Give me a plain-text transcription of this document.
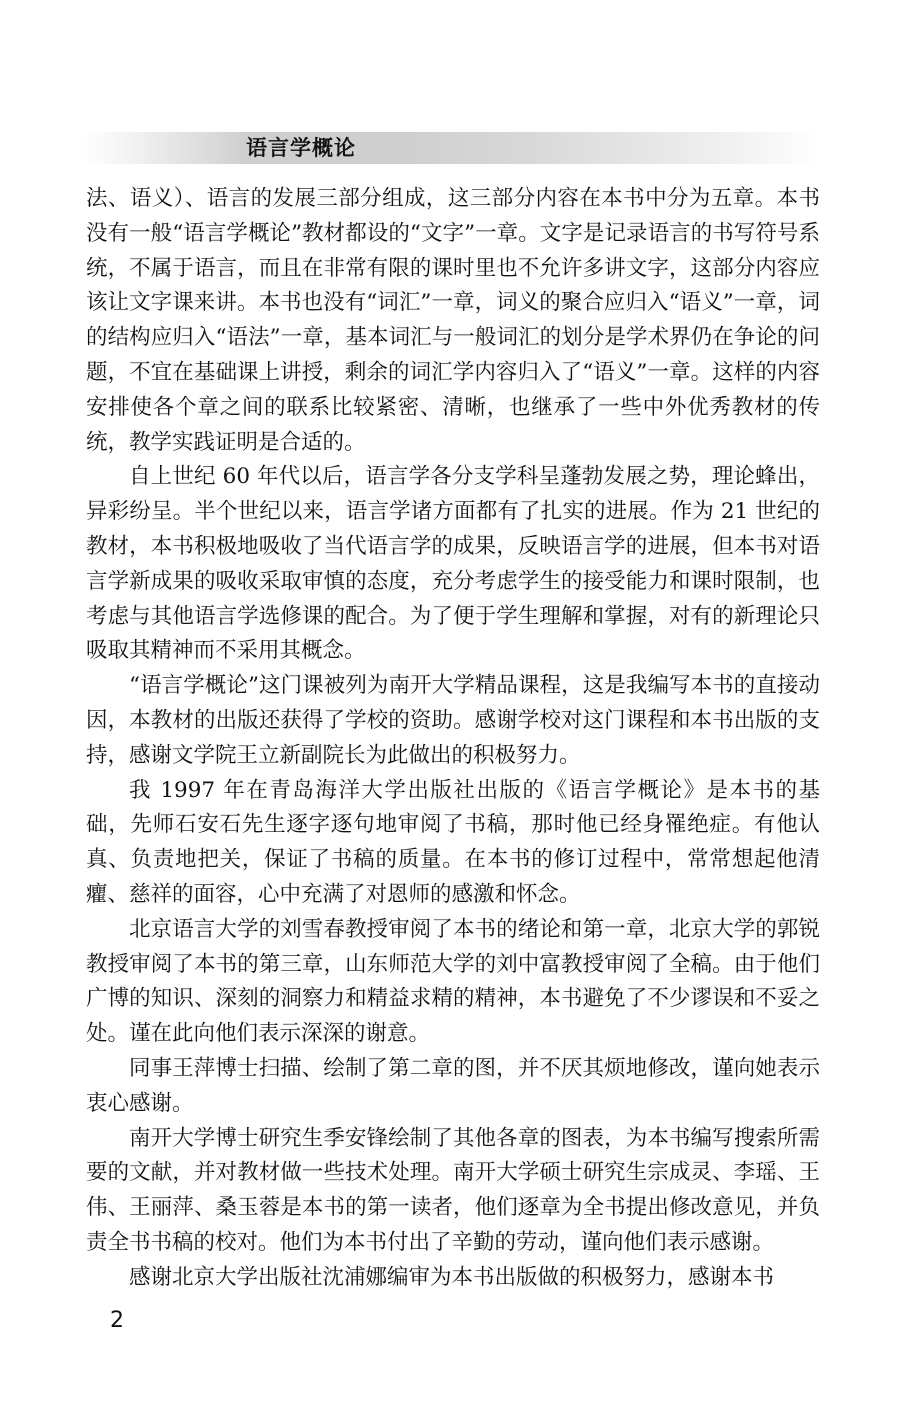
语言学概论

法、语义）、语言的发展三部分组成，这三部分内容在本书中分为五章。本书没有一般“语言学概论”教材都设的“文字”一章。文字是记录语言的书写符号系统，不属于语言，而且在非常有限的课时里也不允许多讲文字，这部分内容应该让文字课来讲。本书也没有“词汇”一章，词义的聚合应归入“语义”一章，词的结构应归入“语法”一章，基本词汇与一般词汇的划分是学术界仍在争论的问题，不宜在基础课上讲授，剩余的词汇学内容归入了“语义”一章。这样的内容安排使各个章之间的联系比较紧密、清晰，也继承了一些中外优秀教材的传统，教学实践证明是合适的。

自上世纪 60 年代以后，语言学各分支学科呈蓬勃发展之势，理论蜂出，异彩纷呈。半个世纪以来，语言学诸方面都有了扎实的进展。作为 21 世纪的教材，本书积极地吸收了当代语言学的成果，反映语言学的进展，但本书对语言学新成果的吸收采取审慎的态度，充分考虑学生的接受能力和课时限制，也考虑与其他语言学选修课的配合。为了便于学生理解和掌握，对有的新理论只吸取其精神而不采用其概念。

“语言学概论”这门课被列为南开大学精品课程，这是我编写本书的直接动因，本教材的出版还获得了学校的资助。感谢学校对这门课程和本书出版的支持，感谢文学院王立新副院长为此做出的积极努力。

我 1997 年在青岛海洋大学出版社出版的《语言学概论》是本书的基础，先师石安石先生逐字逐句地审阅了书稿，那时他已经身罹绝症。有他认真、负责地把关，保证了书稿的质量。在本书的修订过程中，常常想起他清癯、慈祥的面容，心中充满了对恩师的感激和怀念。

北京语言大学的刘雪春教授审阅了本书的绪论和第一章，北京大学的郭锐教授审阅了本书的第三章，山东师范大学的刘中富教授审阅了全稿。由于他们广博的知识、深刻的洞察力和精益求精的精神，本书避免了不少谬误和不妥之处。谨在此向他们表示深深的谢意。

同事王萍博士扫描、绘制了第二章的图，并不厌其烦地修改，谨向她表示衷心感谢。

南开大学博士研究生季安锋绘制了其他各章的图表，为本书编写搜索所需要的文献，并对教材做一些技术处理。南开大学硕士研究生宗成灵、李瑶、王伟、王丽萍、桑玉蓉是本书的第一读者，他们逐章为全书提出修改意见，并负责全书书稿的校对。他们为本书付出了辛勤的劳动，谨向他们表示感谢。

感谢北京大学出版社沈浦娜编审为本书出版做的积极努力，感谢本书

2
